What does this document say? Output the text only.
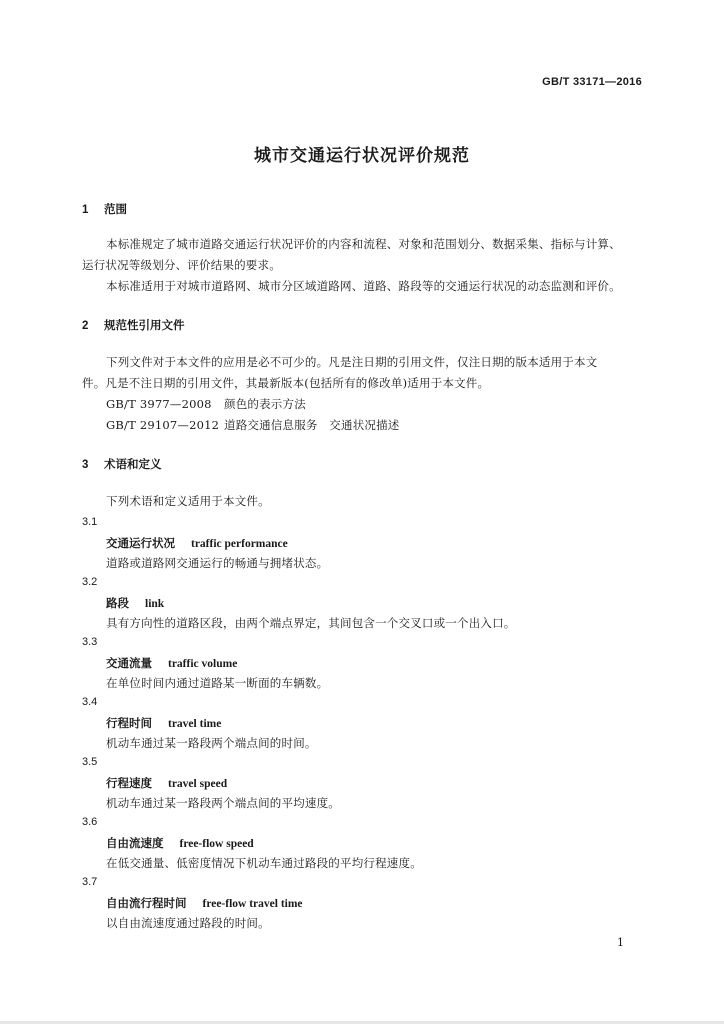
GB/T 33171—2016
城市交通运行状况评价规范
1 范围
本标准规定了城市道路交通运行状况评价的内容和流程、对象和范围划分、数据采集、指标与计算、
运行状况等级划分、评价结果的要求。
本标准适用于对城市道路网、城市分区域道路网、道路、路段等的交通运行状况的动态监测和评价。
2 规范性引用文件
下列文件对于本文件的应用是必不可少的。凡是注日期的引用文件，仅注日期的版本适用于本文
件。凡是不注日期的引用文件，其最新版本(包括所有的修改单)适用于本文件。
GB/T 3977—2008 颜色的表示方法
GB/T 29107—2012 道路交通信息服务　交通状况描述
3 术语和定义
下列术语和定义适用于本文件。
3.1
交通运行状况 traffic performance
道路或道路网交通运行的畅通与拥堵状态。
3.2
路段 link
具有方向性的道路区段，由两个端点界定，其间包含一个交叉口或一个出入口。
3.3
交通流量 traffic volume
在单位时间内通过道路某一断面的车辆数。
3.4
行程时间 travel time
机动车通过某一路段两个端点间的时间。
3.5
行程速度 travel speed
机动车通过某一路段两个端点间的平均速度。
3.6
自由流速度 free-flow speed
在低交通量、低密度情况下机动车通过路段的平均行程速度。
3.7
自由流行程时间 free-flow travel time
以自由流速度通过路段的时间。
1
